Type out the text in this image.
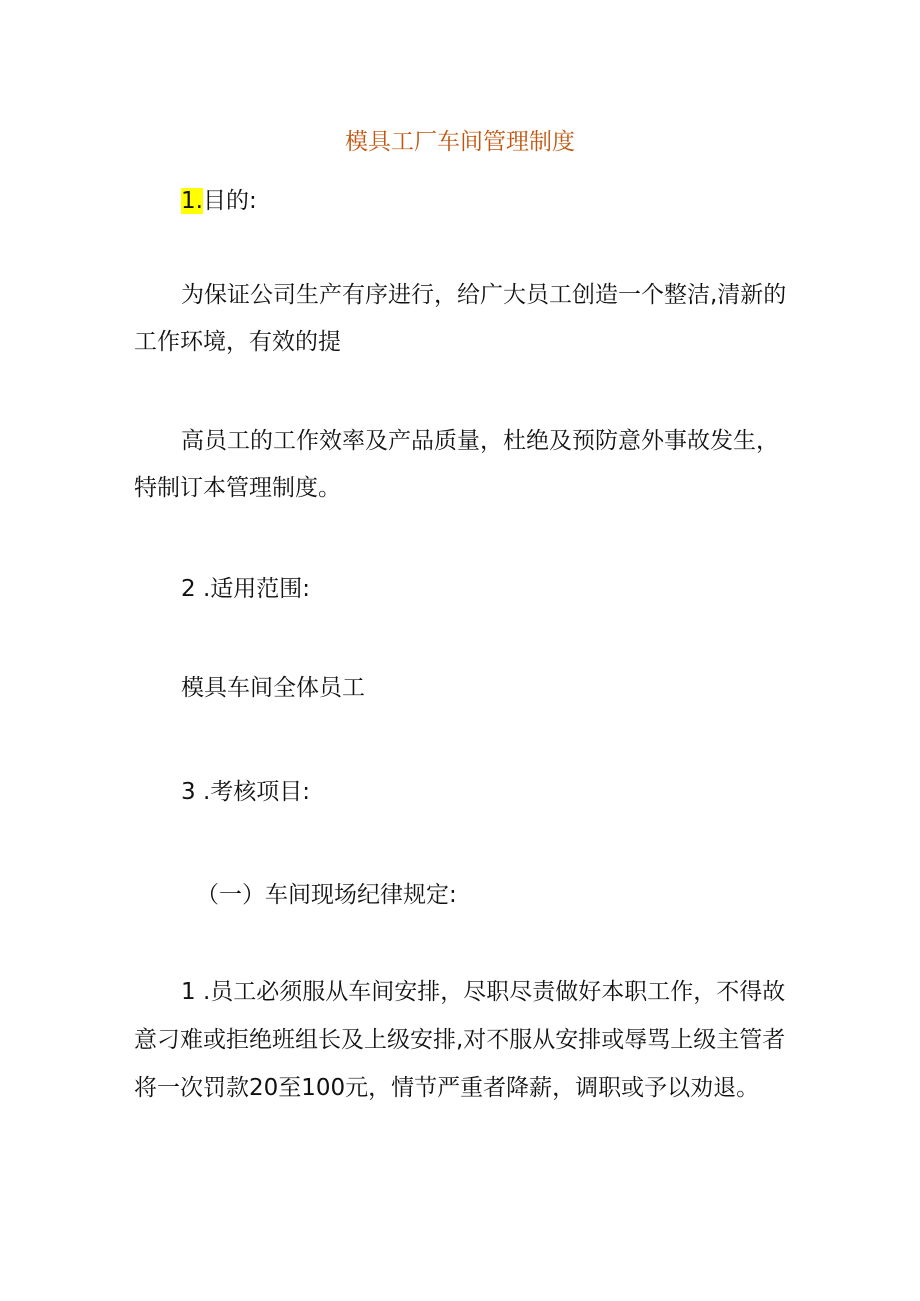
模具工厂车间管理制度
1.目的:
为保证公司生产有序进行，给广大员工创造一个整洁,清新的
工作环境，有效的提
高员工的工作效率及产品质量，杜绝及预防意外事故发生，
特制订本管理制度。
2 .适用范围:
模具车间全体员工
3 .考核项目:
（一）车间现场纪律规定:
1 .员工必须服从车间安排，尽职尽责做好本职工作，不得故
意刁难或拒绝班组长及上级安排,对不服从安排或辱骂上级主管者
将一次罚款20至100元，情节严重者降薪，调职或予以劝退。
